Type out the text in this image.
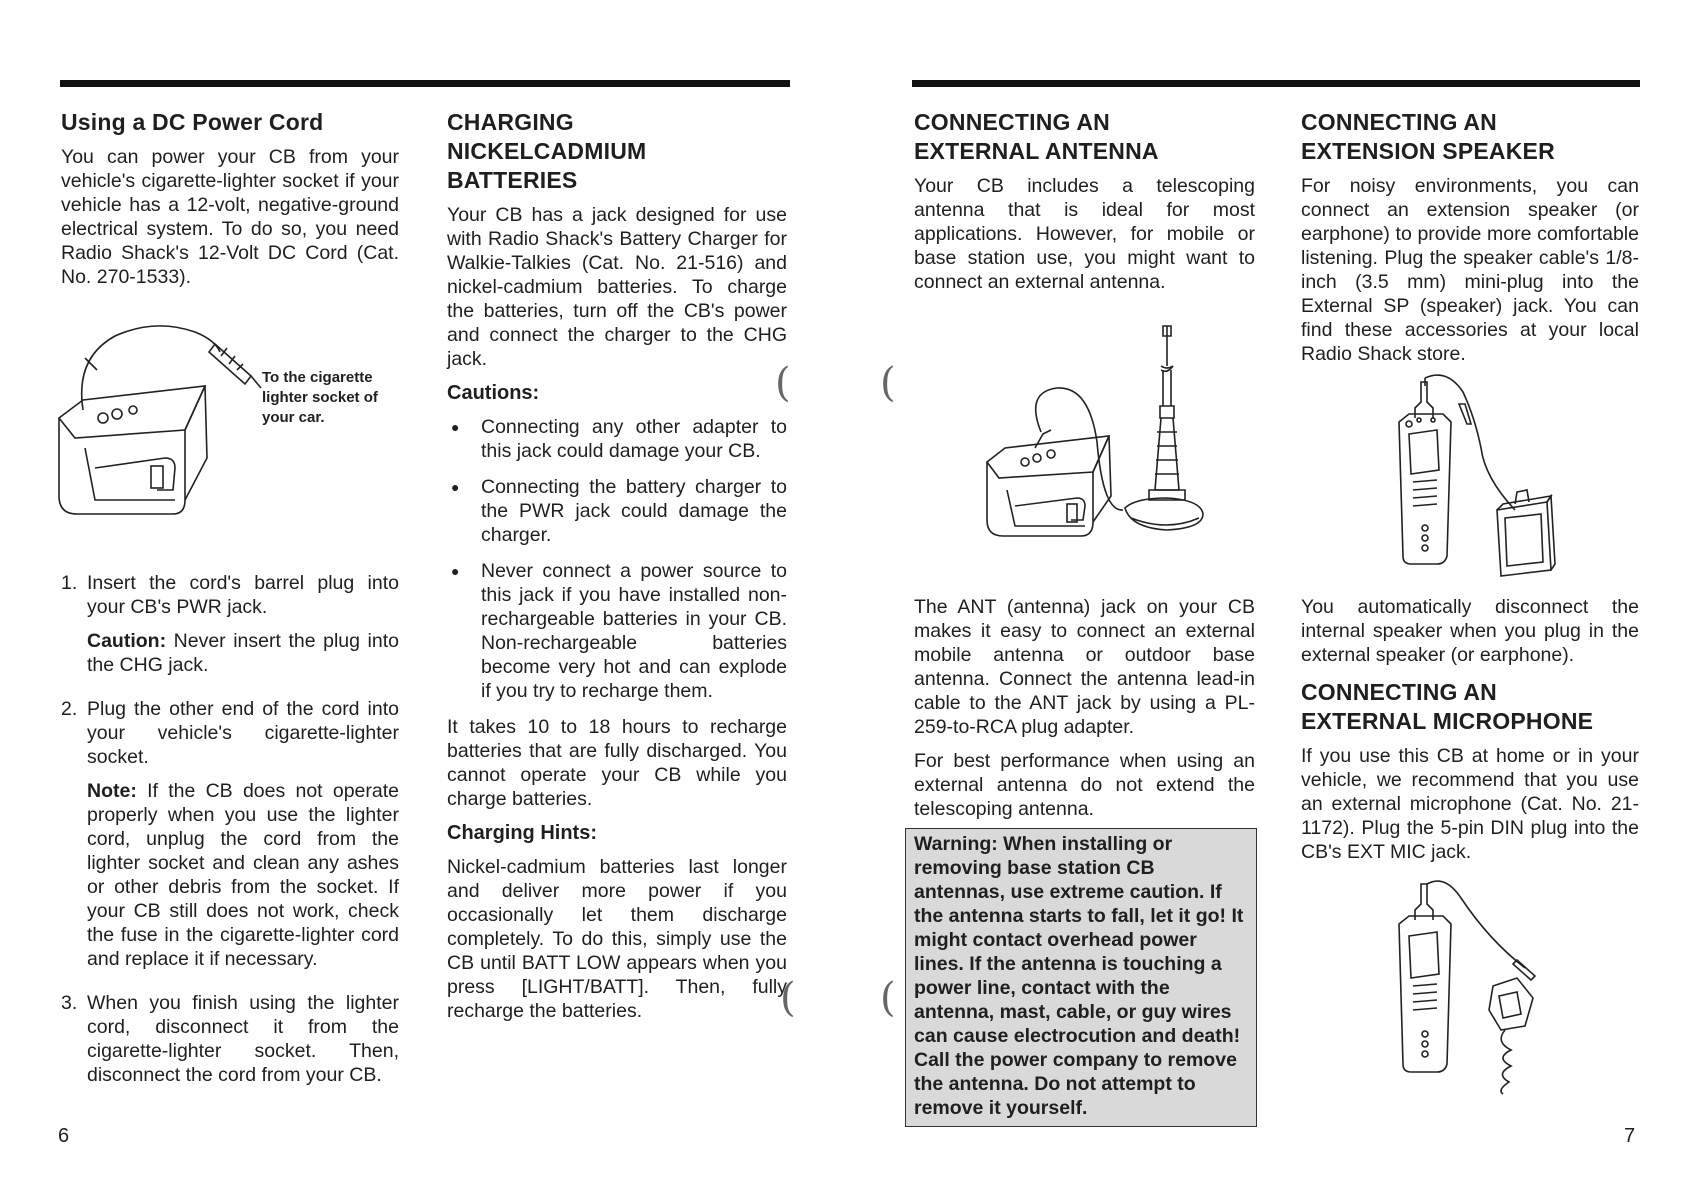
Using a DC Power Cord

You can power your CB from your vehicle's cigarette-lighter socket if your vehicle has a 12-volt, negative-ground electrical system. To do so, you need Radio Shack's 12-Volt DC Cord (Cat. No. 270-1533).

To the cigarette lighter socket of your car.
1. Insert the cord's barrel plug into your CB's PWR jack.

Caution: Never insert the plug into the CHG jack.

2. Plug the other end of the cord into your vehicle's cigarette-lighter socket.

Note: If the CB does not operate properly when you use the lighter cord, unplug the cord from the lighter socket and clean any ashes or other debris from the socket. If your CB still does not work, check the fuse in the cigarette-lighter cord and replace it if necessary.

3. When you finish using the lighter cord, disconnect it from the cigarette-lighter socket. Then, disconnect the cord from your CB.

6
CHARGING NICKELCADMIUM BATTERIES

Your CB has a jack designed for use with Radio Shack's Battery Charger for Walkie-Talkies (Cat. No. 21-516) and nickel-cadmium batteries. To charge the batteries, turn off the CB's power and connect the charger to the CHG jack.

Cautions:
●	Connecting any other adapter to this jack could damage your CB.
●	Connecting the battery charger to the PWR jack could damage the charger.
●	Never connect a power source to this jack if you have installed non-rechargeable batteries in your CB. Non-rechargeable batteries become very hot and can explode if you try to recharge them.

It takes 10 to 18 hours to recharge batteries that are fully discharged. You cannot operate your CB while you charge batteries.

Charging Hints:

Nickel-cadmium batteries last longer and deliver more power if you occasionally let them discharge completely. To do this, simply use the CB until BATT LOW appears when you press [LIGHT/BATT]. Then, fully recharge the batteries.

( (
( (
CONNECTING AN EXTERNAL ANTENNA

Your CB includes a telescoping antenna that is ideal for most applications. However, for mobile or base station use, you might want to connect an external antenna.

The ANT (antenna) jack on your CB makes it easy to connect an external mobile antenna or outdoor base antenna. Connect the antenna lead-in cable to the ANT jack by using a PL-259-to-RCA plug adapter.

For best performance when using an external antenna do not extend the telescoping antenna.

Warning: When installing or removing base station CB antennas, use extreme caution. If the antenna starts to fall, let it go! It might contact overhead power lines. If the antenna is touching a power line, contact with the antenna, mast, cable, or guy wires can cause electrocution and death! Call the power company to remove the antenna. Do not attempt to remove it yourself.
CONNECTING AN EXTENSION SPEAKER

For noisy environments, you can connect an extension speaker (or earphone) to provide more comfortable listening. Plug the speaker cable's 1/8-inch (3.5 mm) mini-plug into the External SP (speaker) jack. You can find these accessories at your local Radio Shack store.

You automatically disconnect the internal speaker when you plug in the external speaker (or earphone).

CONNECTING AN EXTERNAL MICROPHONE

If you use this CB at home or in your vehicle, we recommend that you use an external microphone (Cat. No. 21-1172). Plug the 5-pin DIN plug into the CB's EXT MIC jack.

7
